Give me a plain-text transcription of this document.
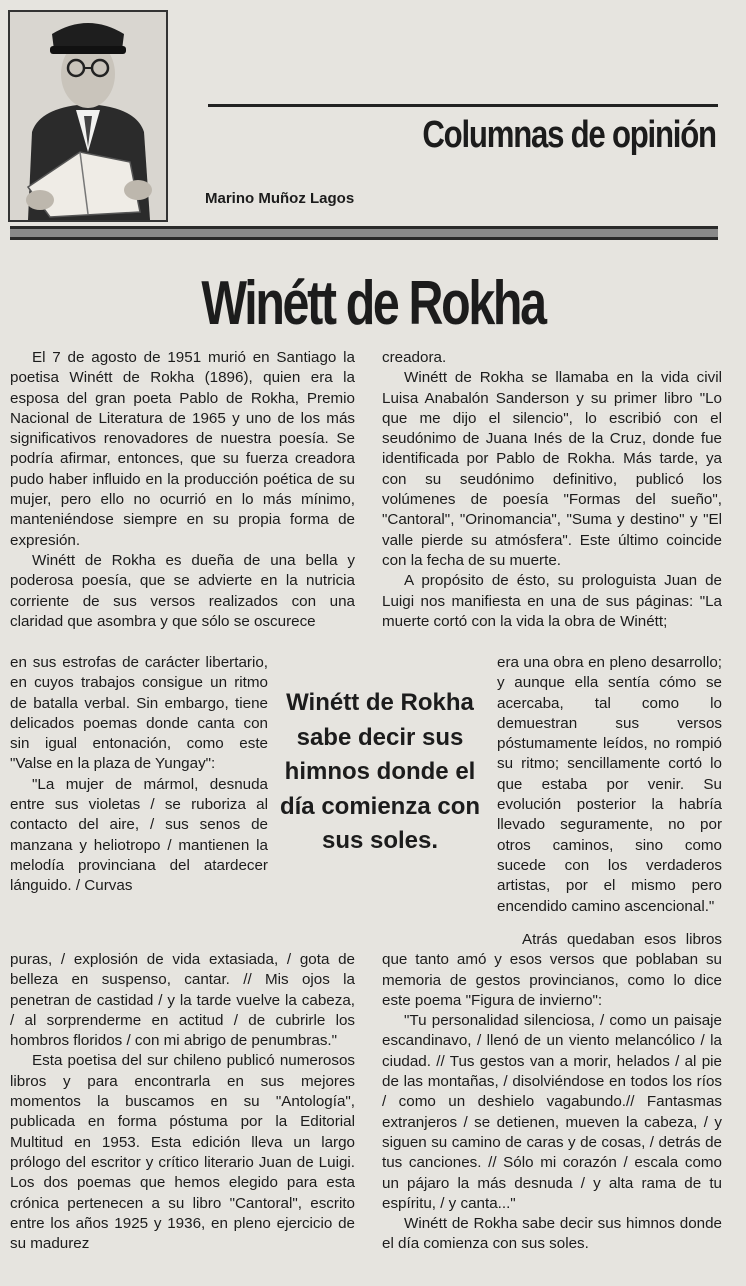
Columnas de opinión
Marino Muñoz Lagos
Winétt de Rokha

El 7 de agosto de 1951 murió en Santiago la poetisa Winétt de Rokha (1896), quien era la esposa del gran poeta Pablo de Rokha, Premio Nacional de Literatura de 1965 y uno de los más significativos renovadores de nuestra poesía. Se podría afirmar, entonces, que su fuerza creadora pudo haber influido en la producción poética de su mujer, pero ello no ocurrió en lo más mínimo, manteniéndose siempre en su propia forma de expresión.

Winétt de Rokha es dueña de una bella y poderosa poesía, que se advierte en la nutricia corriente de sus versos realizados con una claridad que asombra y que sólo se oscurece

en sus estrofas de carácter libertario, en cuyos trabajos consigue un ritmo de batalla verbal. Sin embargo, tiene delicados poemas donde canta con sin igual entonación, como este "Valse en la plaza de Yungay":

"La mujer de mármol, desnuda entre sus violetas / se ruboriza al contacto del aire, / sus senos de manzana y heliotropo / mantienen la melodía provinciana del atardecer lánguido. / Curvas

Winétt de Rokha sabe decir sus himnos donde el día comienza con sus soles.

puras, / explosión de vida extasiada, / gota de belleza en suspenso, cantar. // Mis ojos la penetran de castidad / y la tarde vuelve la cabeza, / al sorprenderme en actitud / de cubrirle los hombros floridos / con mi abrigo de penumbras."

Esta poetisa del sur chileno publicó numerosos libros y para encontrarla en sus mejores momentos la buscamos en su "Antología", publicada en forma póstuma por la Editorial Multitud en 1953. Esta edición lleva un largo prólogo del escritor y crítico literario Juan de Luigi. Los dos poemas que hemos elegido para esta crónica pertenecen a su libro "Cantoral", escrito entre los años 1925 y 1936, en pleno ejercicio de su madurez

creadora.

Winétt de Rokha se llamaba en la vida civil Luisa Anabalón Sanderson y su primer libro "Lo que me dijo el silencio", lo escribió con el seudónimo de Juana Inés de la Cruz, donde fue identificada por Pablo de Rokha. Más tarde, ya con su seudónimo definitivo, publicó los volúmenes de poesía "Formas del sueño", "Cantoral", "Orinomancia", "Suma y destino" y "El valle pierde su atmósfera". Este último coincide con la fecha de su muerte.

A propósito de ésto, su prologuista Juan de Luigi nos manifiesta en una de sus páginas: "La muerte cortó con la vida la obra de Winétt;

era una obra en pleno desarrollo; y aunque ella sentía cómo se acercaba, tal como lo demuestran sus versos póstumamente leídos, no rompió su ritmo; sencillamente cortó lo que estaba por venir. Su evolución posterior la habría llevado seguramente, no por otros caminos, sino como sucede con los verdaderos artistas, por el mismo pero encendido camino ascencional."

Atrás quedaban esos libros que tanto amó y esos versos que poblaban su memoria de gestos provincianos, como lo dice este poema "Figura de invierno":

"Tu personalidad silenciosa, / como un paisaje escandinavo, / llenó de un viento melancólico / la ciudad. // Tus gestos van a morir, helados / al pie de las montañas, / disolviéndose en todos los ríos / como un deshielo vagabundo.// Fantasmas extranjeros / se detienen, mueven la cabeza, / y siguen su camino de caras y de cosas, / detrás de tus canciones. // Sólo mi corazón / escala como un pájaro la más desnuda / y alta rama de tu espíritu, / y canta..."

Winétt de Rokha sabe decir sus himnos donde el día comienza con sus soles.
